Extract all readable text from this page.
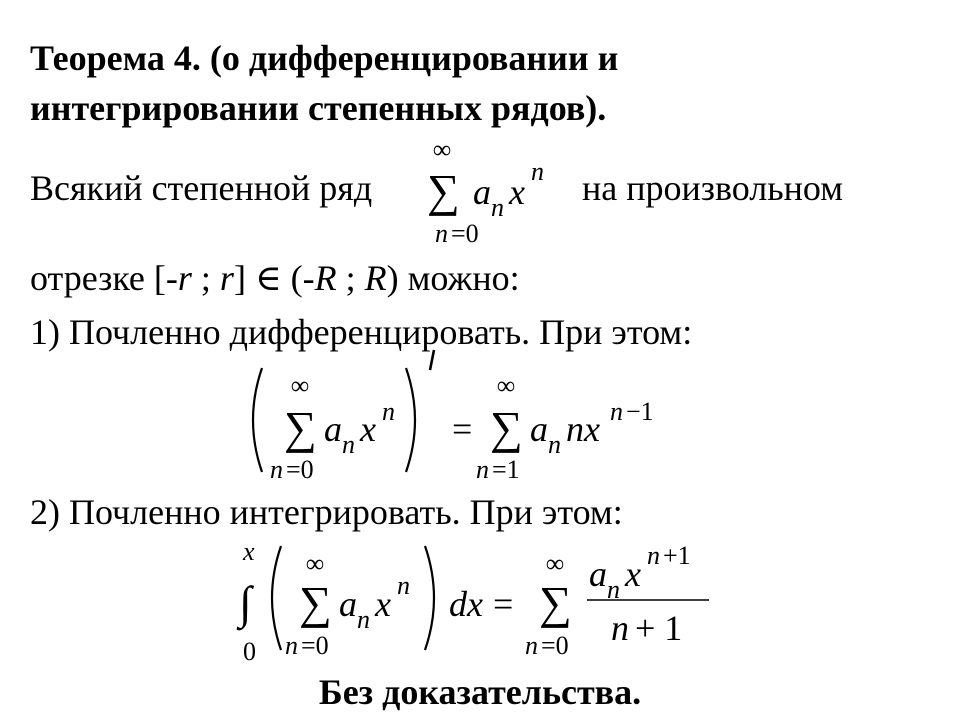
Теорема 4. (о дифференцировании и
интегрировании степенных рядов).
Всякий степенной ряд
∞
∑ a n x
n
n =0
на произвольном
отрезке [-r ; r] ∈ (-R ; R) можно:
1) Почленно дифференцировать. При этом:
∞
∑ a n x n
n =0
=
∞
∑ a n nx n −1
n =1
2) Почленно интегрировать. При этом:
x
∫
0
∞
∑ a n x n
n =0
dx =
∞
∑
n =0
a n x n +1
n + 1
Без доказательства.
